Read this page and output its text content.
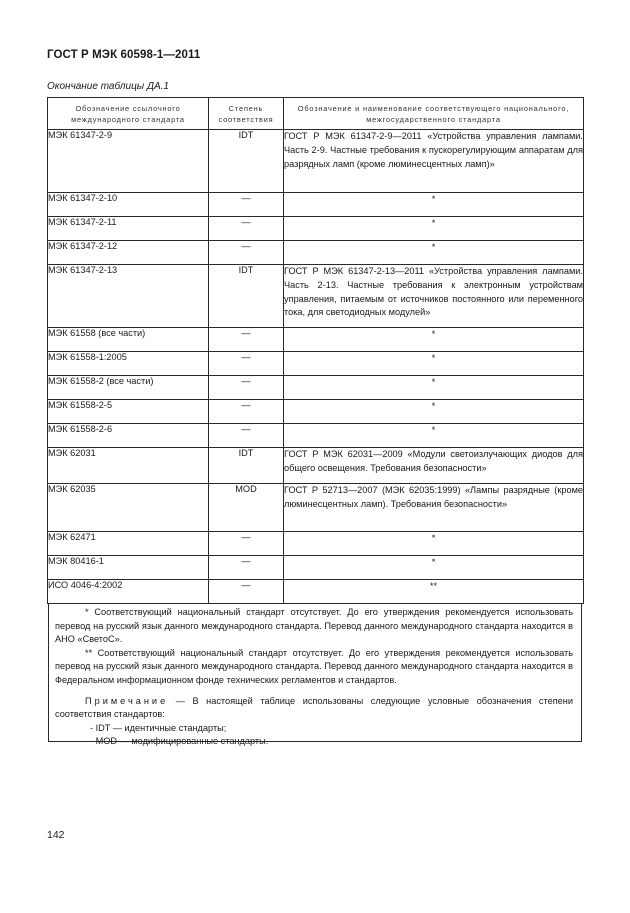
ГОСТ Р МЭК 60598-1—2011
Окончание таблицы ДА.1
Обозначение ссылочного международного стандарта	Степень соответствия	Обозначение и наименование соответствующего национального, межгосударственного стандарта
МЭК 61347-2-9	IDT	ГОСТ Р МЭК 61347-2-9—2011 «Устройства управления лампами. Часть 2-9. Частные требования к пускорегулирующим аппаратам для разрядных ламп (кроме люминесцентных ламп)»
МЭК 61347-2-10	—	*
МЭК 61347-2-11	—	*
МЭК 61347-2-12	—	*
МЭК 61347-2-13	IDT	ГОСТ Р МЭК 61347-2-13—2011 «Устройства управления лампами. Часть 2-13. Частные требования к электронным устройствам управления, питаемым от источников постоянного или переменного тока, для светодиодных модулей»
МЭК 61558 (все части)	—	*
МЭК 61558-1:2005	—	*
МЭК 61558-2 (все части)	—	*
МЭК 61558-2-5	—	*
МЭК 61558-2-6	—	*
МЭК 62031	IDT	ГОСТ Р МЭК 62031—2009 «Модули светоизлучающих диодов для общего освещения. Требования безопасности»
МЭК 62035	MOD	ГОСТ Р 52713—2007 (МЭК 62035:1999) «Лампы разрядные (кроме люминесцентных ламп). Требования безопасности»
МЭК 62471	—	*
МЭК 80416-1	—	*
ИСО 4046-4:2002	—	**

* Соответствующий национальный стандарт отсутствует. До его утверждения рекомендуется использовать перевод на русский язык данного международного стандарта. Перевод данного международного стандарта находится в АНО «СветоС».

** Соответствующий национальный стандарт отсутствует. До его утверждения рекомендуется использовать перевод на русский язык данного международного стандарта. Перевод данного международного стандарта находится в Федеральном информационном фонде технических регламентов и стандартов.

Примечание — В настоящей таблице использованы следующие условные обозначения степени соответствия стандартов:

- IDT — идентичные стандарты;

- MOD — модифицированные стандарты.

142
